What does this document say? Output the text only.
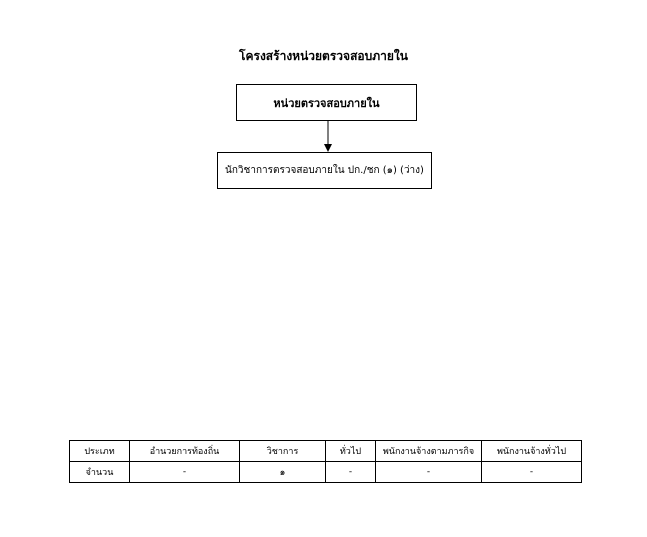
โครงสร้างหน่วยตรวจสอบภายใน
หน่วยตรวจสอบภายใน
นักวิชาการตรวจสอบภายใน ปก./ชก (๑) (ว่าง)
ประเภท	อำนวยการท้องถิ่น	วิชาการ	ทั่วไป	พนักงานจ้างตามภารกิจ	พนักงานจ้างทั่วไป
จำนวน	-	๑	-	-	-
